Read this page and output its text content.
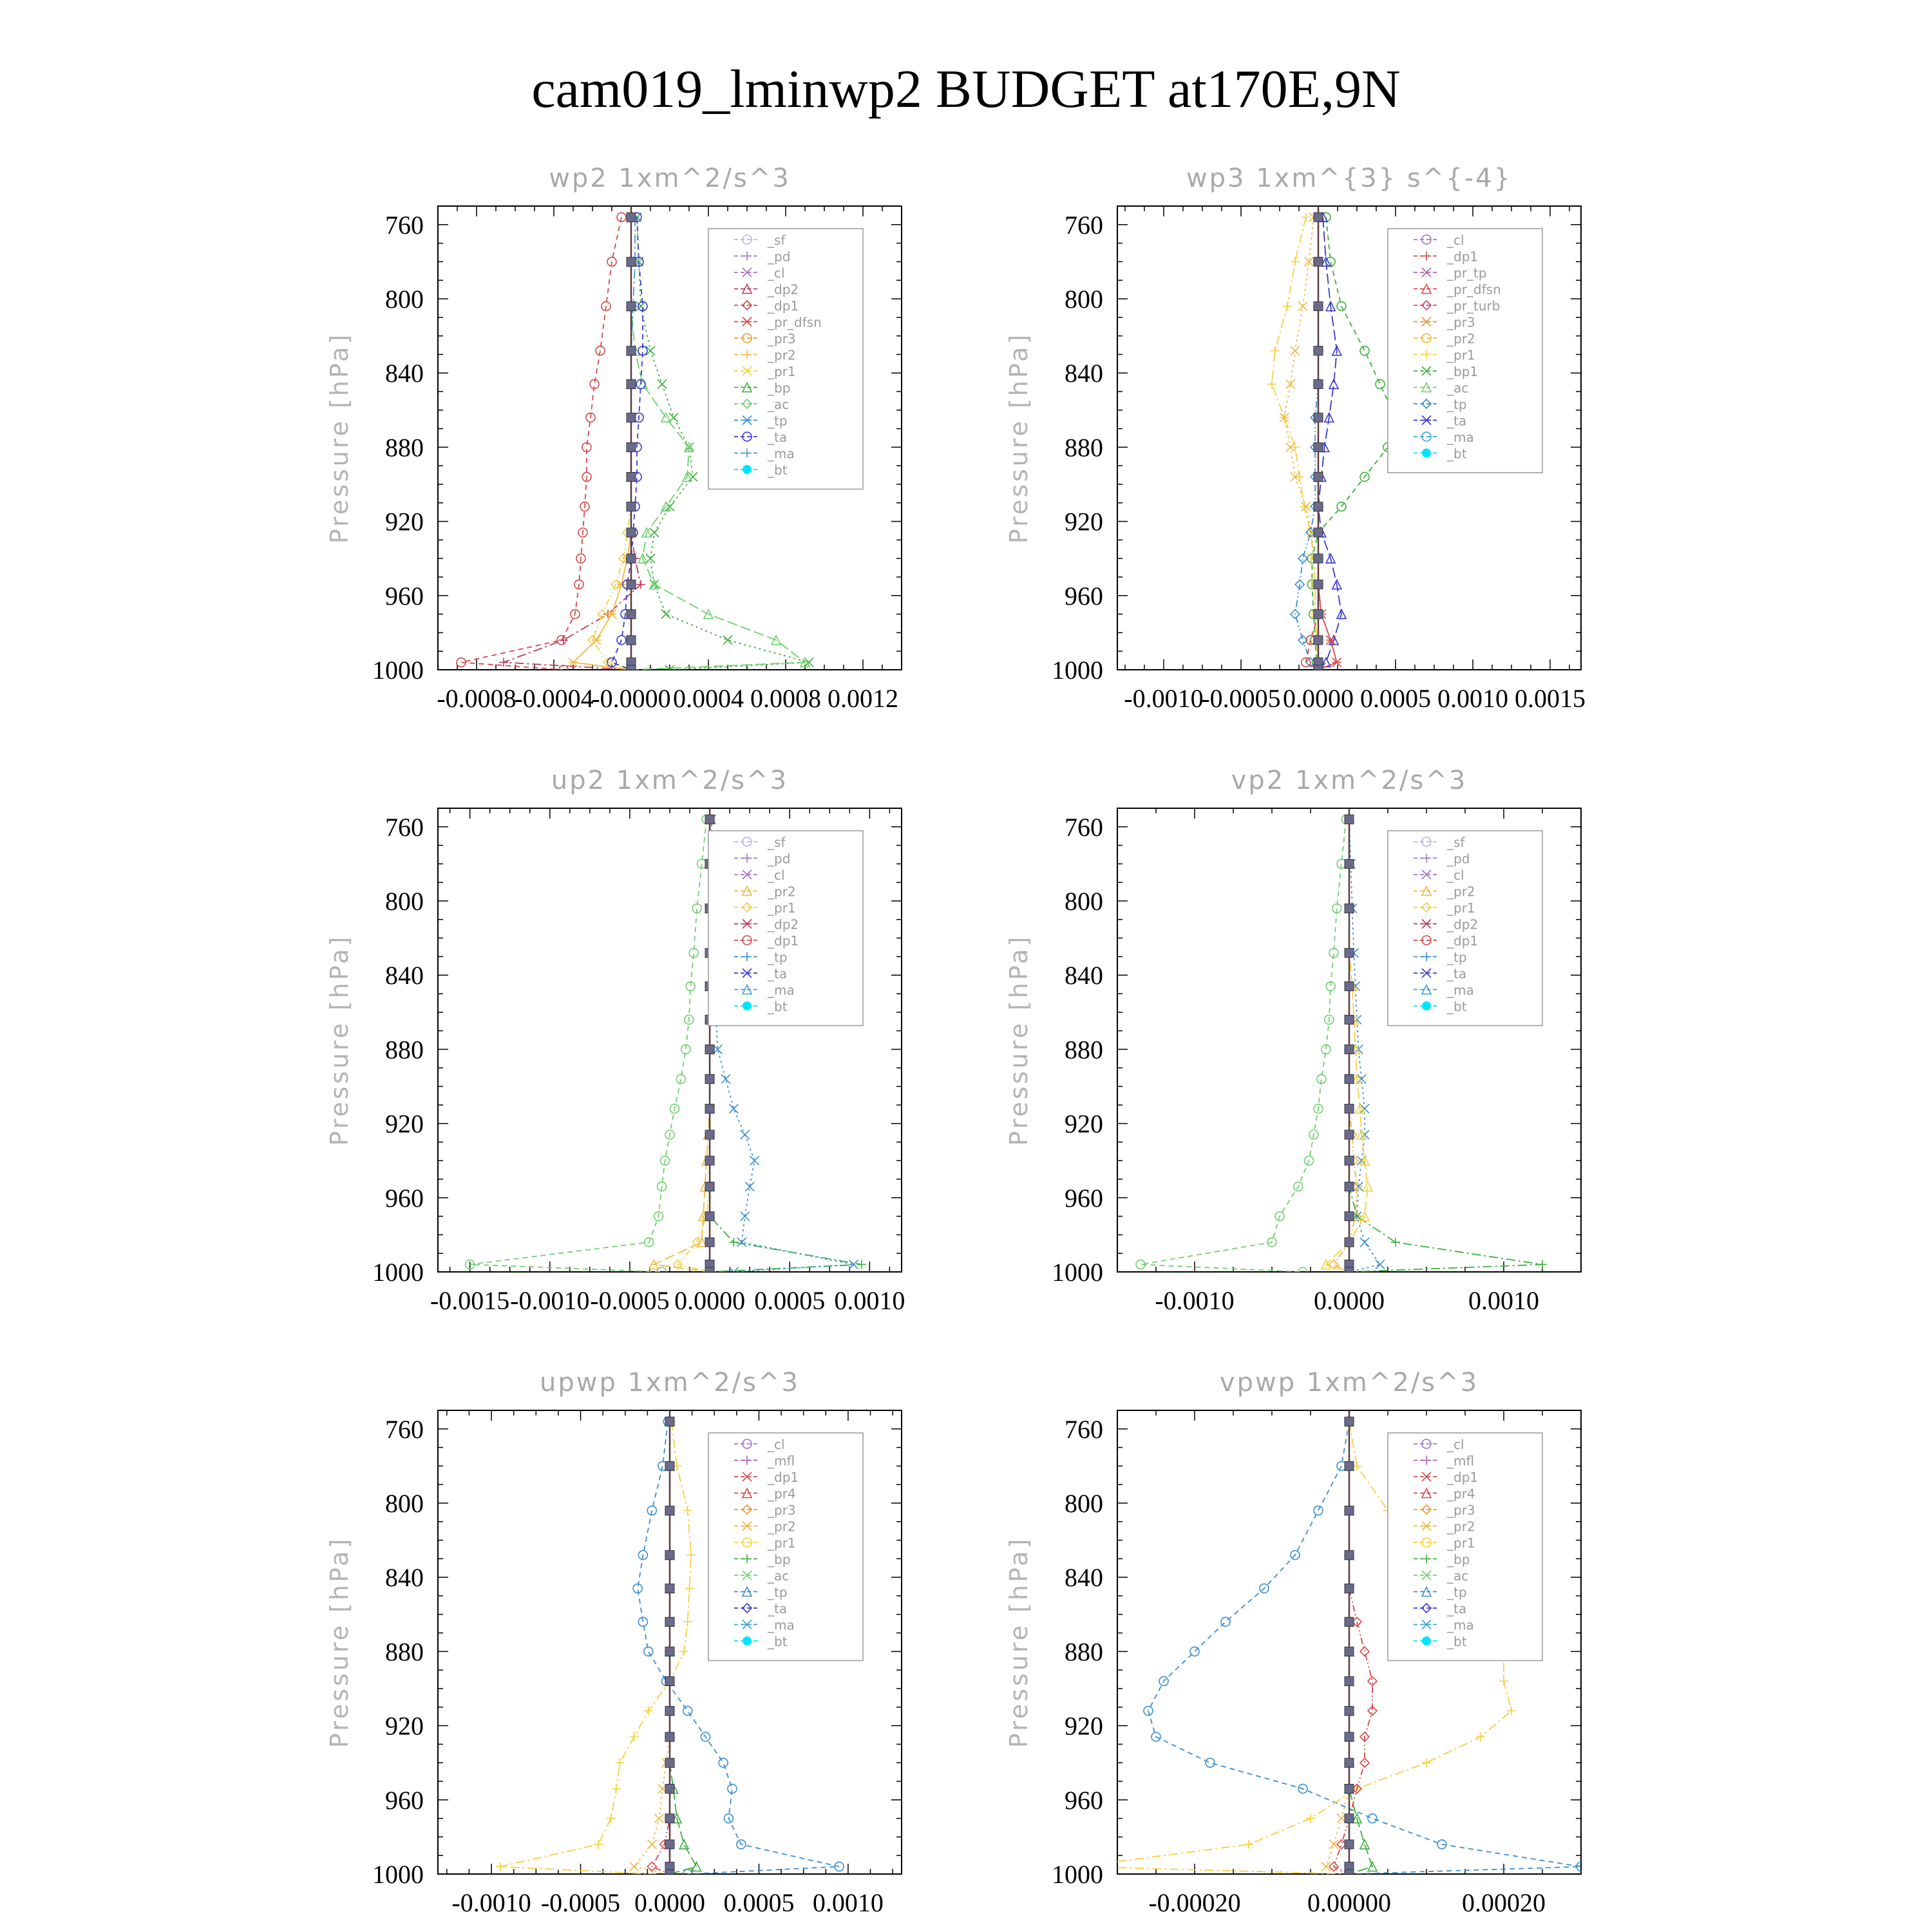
cam019_lminwp2 BUDGET at170E,9N
wp2 1xm^2/s^3
760
800
840
880
920
960
1000
-0.0008
-0.0004
-0.0000 0.0004 0.0008 0.0012
Pressure [hPa]
_sf
_pd
_cl
_dp2
_dp1
_pr_dfsn
_pr3
_pr2
_pr1
_bp
_ac
_tp
_ta
_ma
_bt
wp3 1xm^{3} s^{-4}
760
800
840
880
920
960
1000
-0.0010
-0.0005 0.0000 0.0005 0.0010 0.0015
Pressure [hPa]
_cl
_dp1
_pr_tp
_pr_dfsn
_pr_turb
_pr3
_pr2
_pr1
_bp1
_ac
_tp
_ta
_ma
_bt
up2 1xm^2/s^3
760
800
840
880
920
960
1000
-0.0015 -0.0010 -0.0005 0.0000 0.0005 0.0010
Pressure [hPa]
_sf
_pd
_cl
_pr2
_pr1
_dp2
_dp1
_tp
_ta
_ma
_bt
vp2 1xm^2/s^3
760
800
840
880
920
960
1000
-0.0010	0.0000	0.0010
Pressure [hPa]
_sf
_pd
_cl
_pr2
_pr1
_dp2
_dp1
_tp
_ta
_ma
_bt
upwp 1xm^2/s^3
760
800
840
880
920
960
1000
-0.0010 -0.0005 0.0000 0.0005 0.0010
Pressure [hPa]
_cl
_mfl
_dp1
_pr4
_pr3
_pr2
_pr1
_bp
_ac
_tp
_ta
_ma
_bt
vpwp 1xm^2/s^3
760
800
840
880
920
960
1000
-0.00020	0.00000	0.00020
Pressure [hPa]
_cl
_mfl
_dp1
_pr4
_pr3
_pr2
_pr1
_bp
_ac
_tp
_ta
_ma
_bt
